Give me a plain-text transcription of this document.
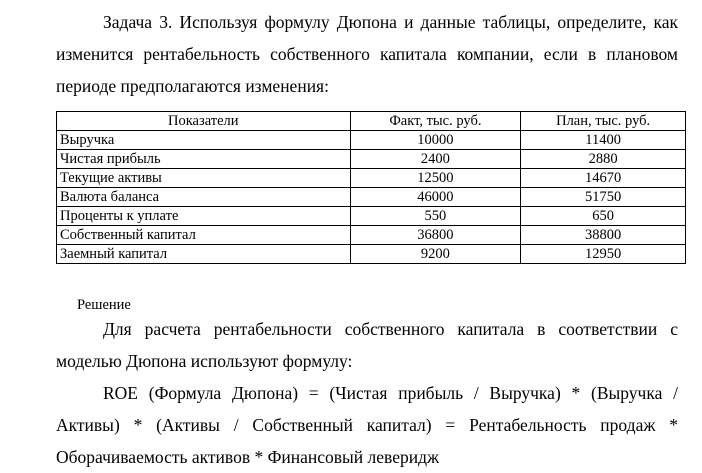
Задача 3. Используя формулу Дюпона и данные таблицы, определите, как изменится рентабельность собственного капитала компании, если в плановом периоде предполагаются изменения:

Показатели	Факт, тыс. руб.	План, тыс. руб.
Выручка	10000	11400
Чистая прибыль	2400	2880
Текущие активы	12500	14670
Валюта баланса	46000	51750
Проценты к уплате	550	650
Собственный капитал	36800	38800
Заемный капитал	9200	12950

Решение

Для расчета рентабельности собственного капитала в соответствии с моделью Дюпона используют формулу:

ROE (Формула Дюпона) = (Чистая прибыль / Выручка) * (Выручка / Активы) * (Активы / Собственный капитал) = Рентабельность продаж * Оборачиваемость активов * Финансовый леверидж
